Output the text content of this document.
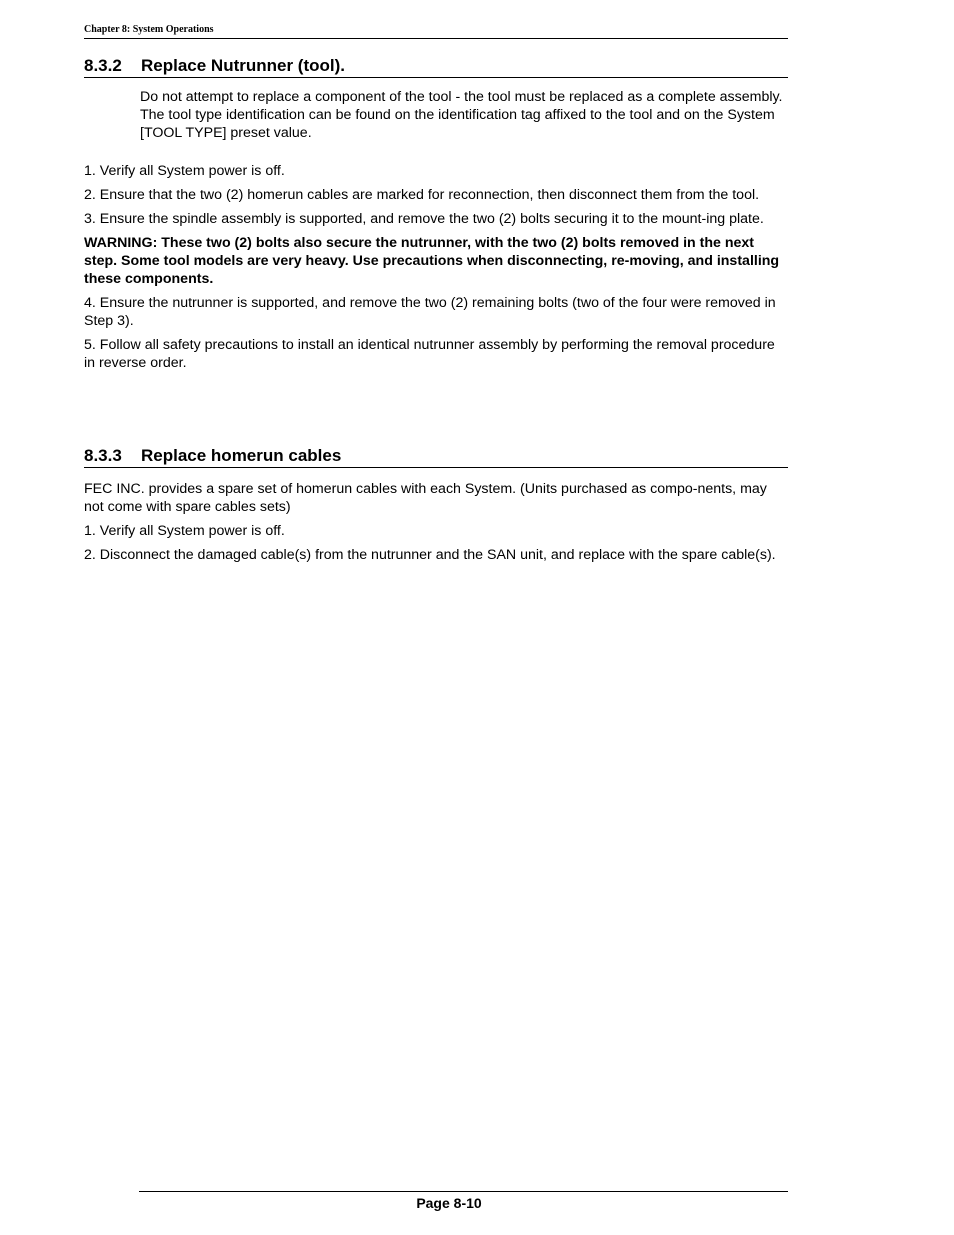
Chapter 8: System Operations
8.3.2 Replace Nutrunner (tool).

Do not attempt to replace a component of the tool - the tool must be replaced as a complete assembly. The tool type identification can be found on the identification tag affixed to the tool and on the System [TOOL TYPE] preset value.

1. Verify all System power is off.

2. Ensure that the two (2) homerun cables are marked for reconnection, then disconnect them from the tool.

3. Ensure the spindle assembly is supported, and remove the two (2) bolts securing it to the mount-ing plate.

WARNING: These two (2) bolts also secure the nutrunner, with the two (2) bolts removed in the next step. Some tool models are very heavy. Use precautions when disconnecting, re-moving, and installing these components.

4. Ensure the nutrunner is supported, and remove the two (2) remaining bolts (two of the four were removed in Step 3).

5. Follow all safety precautions to install an identical nutrunner assembly by performing the removal procedure in reverse order.

8.3.3 Replace homerun cables

FEC INC. provides a spare set of homerun cables with each System. (Units purchased as compo-nents, may not come with spare cables sets)

1. Verify all System power is off.

2. Disconnect the damaged cable(s) from the nutrunner and the SAN unit, and replace with the spare cable(s).

Page 8-10
